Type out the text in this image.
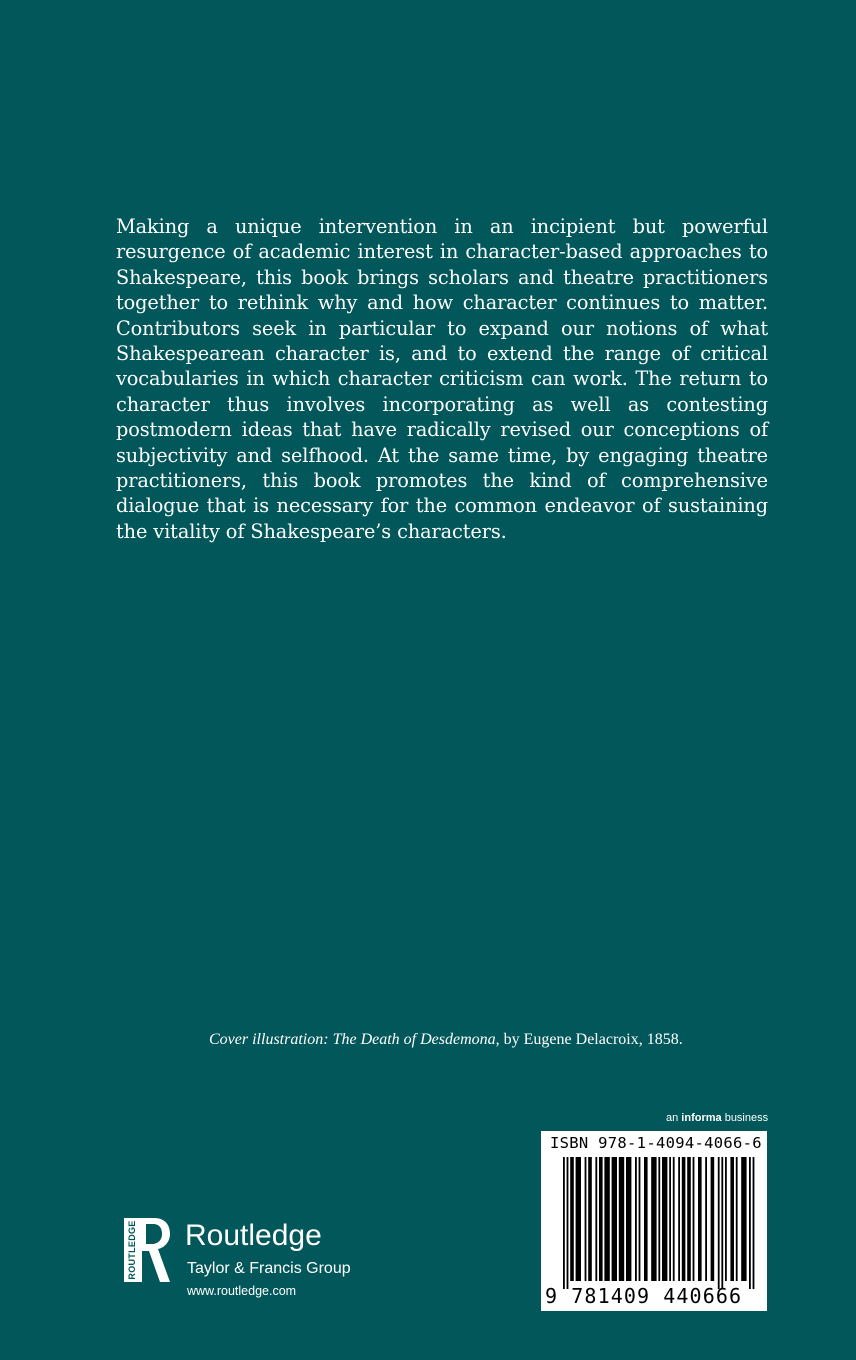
Making a unique intervention in an incipient but powerful resurgence of academic interest in character-based approaches to Shakespeare, this book brings scholars and theatre practitioners together to rethink why and how character continues to matter. Contributors seek in particular to expand our notions of what Shakespearean character is, and to extend the range of critical vocabularies in which character criticism can work. The return to character thus involves incorporating as well as contesting postmodern ideas that have radically revised our conceptions of subjectivity and selfhood. At the same time, by engaging theatre practitioners, this book promotes the kind of comprehensive dialogue that is necessary for the common endeavor of sustaining the vitality of Shakespeare’s characters.

Cover illustration: The Death of Desdemona, by Eugene Delacroix, 1858.
an informa business
ISBN 978-1-4094-4066-6
9 781409 440666
ROUTLEDGE Routledge
Taylor & Francis Group
www.routledge.com
